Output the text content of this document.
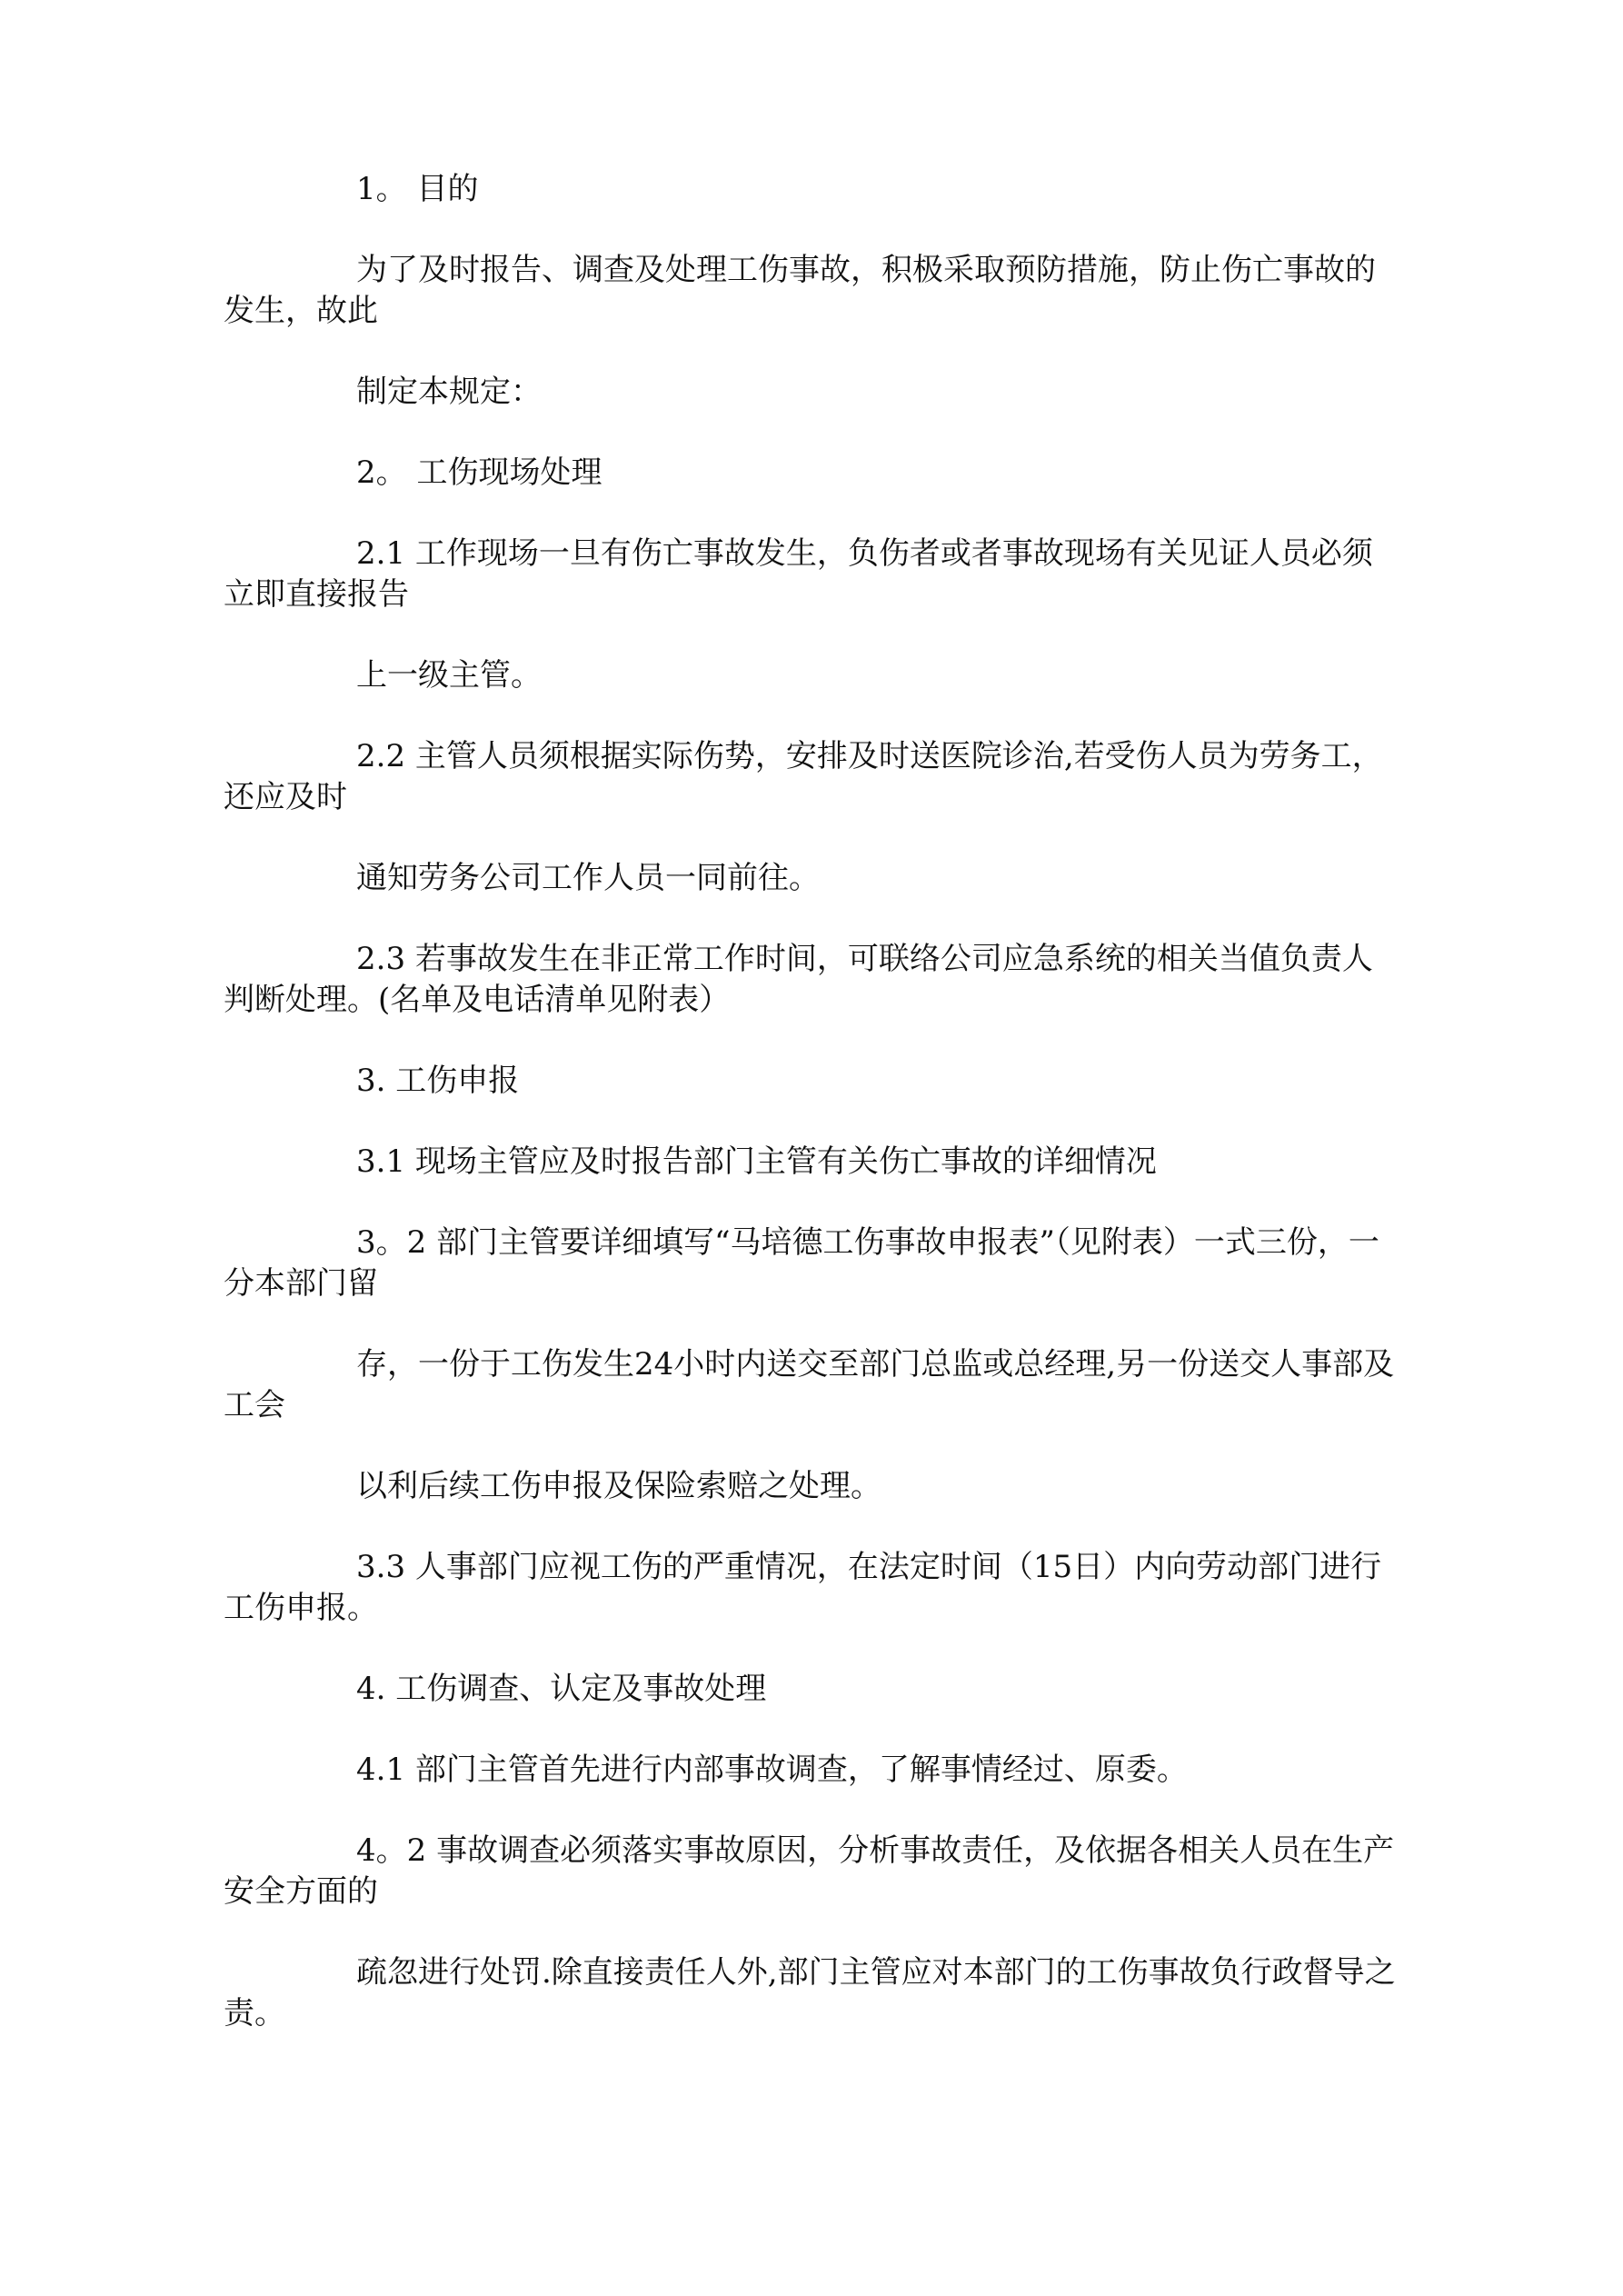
1。 目的

为了及时报告、调查及处理工伤事故，积极采取预防措施，防止伤亡事故的发生，故此

制定本规定：

2。 工伤现场处理

2.1 工作现场一旦有伤亡事故发生，负伤者或者事故现场有关见证人员必须立即直接报告

上一级主管。

2.2 主管人员须根据实际伤势，安排及时送医院诊治,若受伤人员为劳务工，还应及时

通知劳务公司工作人员一同前往。

2.3 若事故发生在非正常工作时间，可联络公司应急系统的相关当值负责人判断处理。(名单及电话清单见附表）

3. 工伤申报

3.1 现场主管应及时报告部门主管有关伤亡事故的详细情况

3。2 部门主管要详细填写“马培德工伤事故申报表”（见附表）一式三份，一分本部门留

存，一份于工伤发生24小时内送交至部门总监或总经理,另一份送交人事部及工会

以利后续工伤申报及保险索赔之处理。

3.3 人事部门应视工伤的严重情况，在法定时间（15日）内向劳动部门进行工伤申报。

4. 工伤调查、认定及事故处理

4.1 部门主管首先进行内部事故调查，了解事情经过、原委。

4。2 事故调查必须落实事故原因，分析事故责任，及依据各相关人员在生产安全方面的

疏忽进行处罚.除直接责任人外,部门主管应对本部门的工伤事故负行政督导之责。
